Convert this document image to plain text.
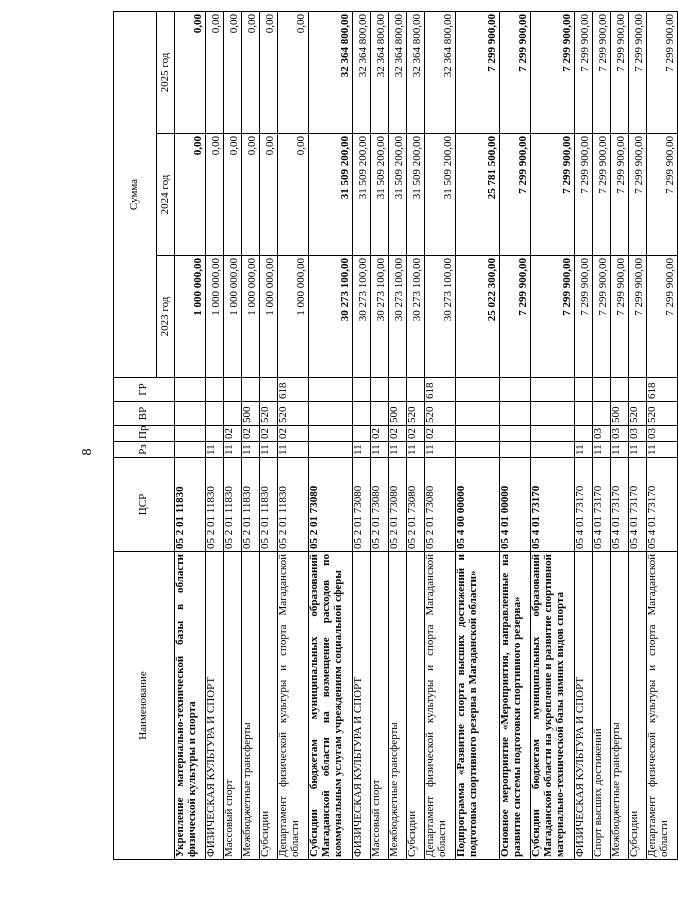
8
Наименование	ЦСР	Рз	Пр	ВР	ГР	Сумма		
						2023 год	2024 год	2025 год
Укрепление материально-технической базы в области физической культуры и спорта	05 2 01 11830					1 000 000,00	0,00	0,00
ФИЗИЧЕСКАЯ КУЛЬТУРА И СПОРТ	05 2 01 11830	11				1 000 000,00	0,00	0,00
Массовый спорт	05 2 01 11830	11	02			1 000 000,00	0,00	0,00
Межбюджетные трансферты	05 2 01 11830	11	02	500		1 000 000,00	0,00	0,00
Субсидии	05 2 01 11830	11	02	520		1 000 000,00	0,00	0,00
Департамент физической культуры и спорта Магаданской области	05 2 01 11830	11	02	520	618	1 000 000,00	0,00	0,00
Субсидии бюджетам муниципальных образований Магаданской области на возмещение расходов по коммунальным услугам учреждениям социальной сферы	05 2 01 73080					30 273 100,00	31 509 200,00	32 364 800,00
ФИЗИЧЕСКАЯ КУЛЬТУРА И СПОРТ	05 2 01 73080	11				30 273 100,00	31 509 200,00	32 364 800,00
Массовый спорт	05 2 01 73080	11	02			30 273 100,00	31 509 200,00	32 364 800,00
Межбюджетные трансферты	05 2 01 73080	11	02	500		30 273 100,00	31 509 200,00	32 364 800,00
Субсидии	05 2 01 73080	11	02	520		30 273 100,00	31 509 200,00	32 364 800,00
Департамент физической культуры и спорта Магаданской области	05 2 01 73080	11	02	520	618	30 273 100,00	31 509 200,00	32 364 800,00
Подпрограмма «Развитие спорта высших достижений и подготовка спортивного резерва в Магаданской области»	05 4 00 00000					25 022 300,00	25 781 500,00	7 299 900,00
Основное мероприятие «Мероприятия, направленные на развитие системы подготовки спортивного резерва»	05 4 01 00000					7 299 900,00	7 299 900,00	7 299 900,00
Субсидии бюджетам муниципальных образований Магаданской области на укрепление и развитие спортивной материально-технической базы зимних видов спорта	05 4 01 73170					7 299 900,00	7 299 900,00	7 299 900,00
ФИЗИЧЕСКАЯ КУЛЬТУРА И СПОРТ	05 4 01 73170	11				7 299 900,00	7 299 900,00	7 299 900,00
Спорт высших достижений	05 4 01 73170	11	03			7 299 900,00	7 299 900,00	7 299 900,00
Межбюджетные трансферты	05 4 01 73170	11	03	500		7 299 900,00	7 299 900,00	7 299 900,00
Субсидии	05 4 01 73170	11	03	520		7 299 900,00	7 299 900,00	7 299 900,00
Департамент физической культуры и спорта Магаданской области	05 4 01 73170	11	03	520	618	7 299 900,00	7 299 900,00	7 299 900,00
